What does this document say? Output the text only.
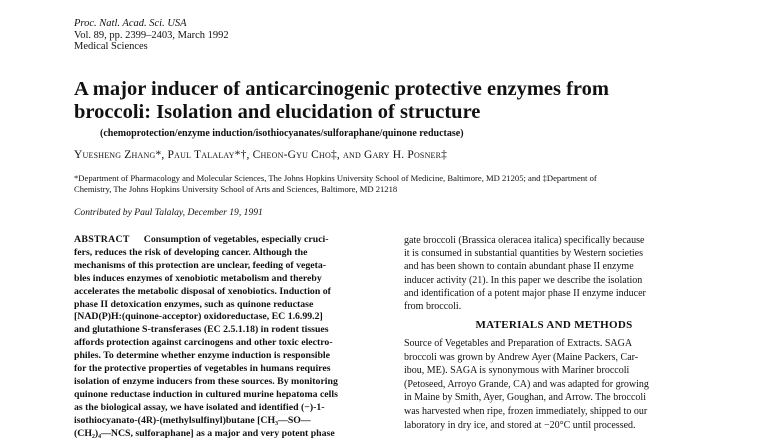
Proc. Natl. Acad. Sci. USA
Vol. 89, pp. 2399–2403, March 1992
Medical Sciences
A major inducer of anticarcinogenic protective enzymes from
broccoli: Isolation and elucidation of structure
(chemoprotection/enzyme induction/isothiocyanates/sulforaphane/quinone reductase)
Yuesheng Zhang*, Paul Talalay*†, Cheon-Gyu Cho‡, and Gary H. Posner‡
*Department of Pharmacology and Molecular Sciences, The Johns Hopkins University School of Medicine, Baltimore, MD 21205; and ‡Department of
Chemistry, The Johns Hopkins University School of Arts and Sciences, Baltimore, MD 21218
Contributed by Paul Talalay, December 19, 1991
ABSTRACT Consumption of vegetables, especially cruci-
fers, reduces the risk of developing cancer. Although the
mechanisms of this protection are unclear, feeding of vegeta-
bles induces enzymes of xenobiotic metabolism and thereby
accelerates the metabolic disposal of xenobiotics. Induction of
phase II detoxication enzymes, such as quinone reductase
[NAD(P)H:(quinone-acceptor) oxidoreductase, EC 1.6.99.2]
and glutathione S-transferases (EC 2.5.1.18) in rodent tissues
affords protection against carcinogens and other toxic electro-
philes. To determine whether enzyme induction is responsible
for the protective properties of vegetables in humans requires
isolation of enzyme inducers from these sources. By monitoring
quinone reductase induction in cultured murine hepatoma cells
as the biological assay, we have isolated and identified (−)-1-
isothiocyanato-(4R)-(methylsulfinyl)butane [CH₃—SO—
(CH₂)₄—NCS, sulforaphane] as a major and very potent phase
gate broccoli (Brassica oleracea italica) specifically because
it is consumed in substantial quantities by Western societies
and has been shown to contain abundant phase II enzyme
inducer activity (21). In this paper we describe the isolation
and identification of a potent major phase II enzyme inducer
from broccoli.
MATERIALS AND METHODS
Source of Vegetables and Preparation of Extracts. SAGA
broccoli was grown by Andrew Ayer (Maine Packers, Car-
ibou, ME). SAGA is synonymous with Mariner broccoli
(Petoseed, Arroyo Grande, CA) and was adapted for growing
in Maine by Smith, Ayer, Goughan, and Arrow. The broccoli
was harvested when ripe, frozen immediately, shipped to our
laboratory in dry ice, and stored at −20°C until processed.
